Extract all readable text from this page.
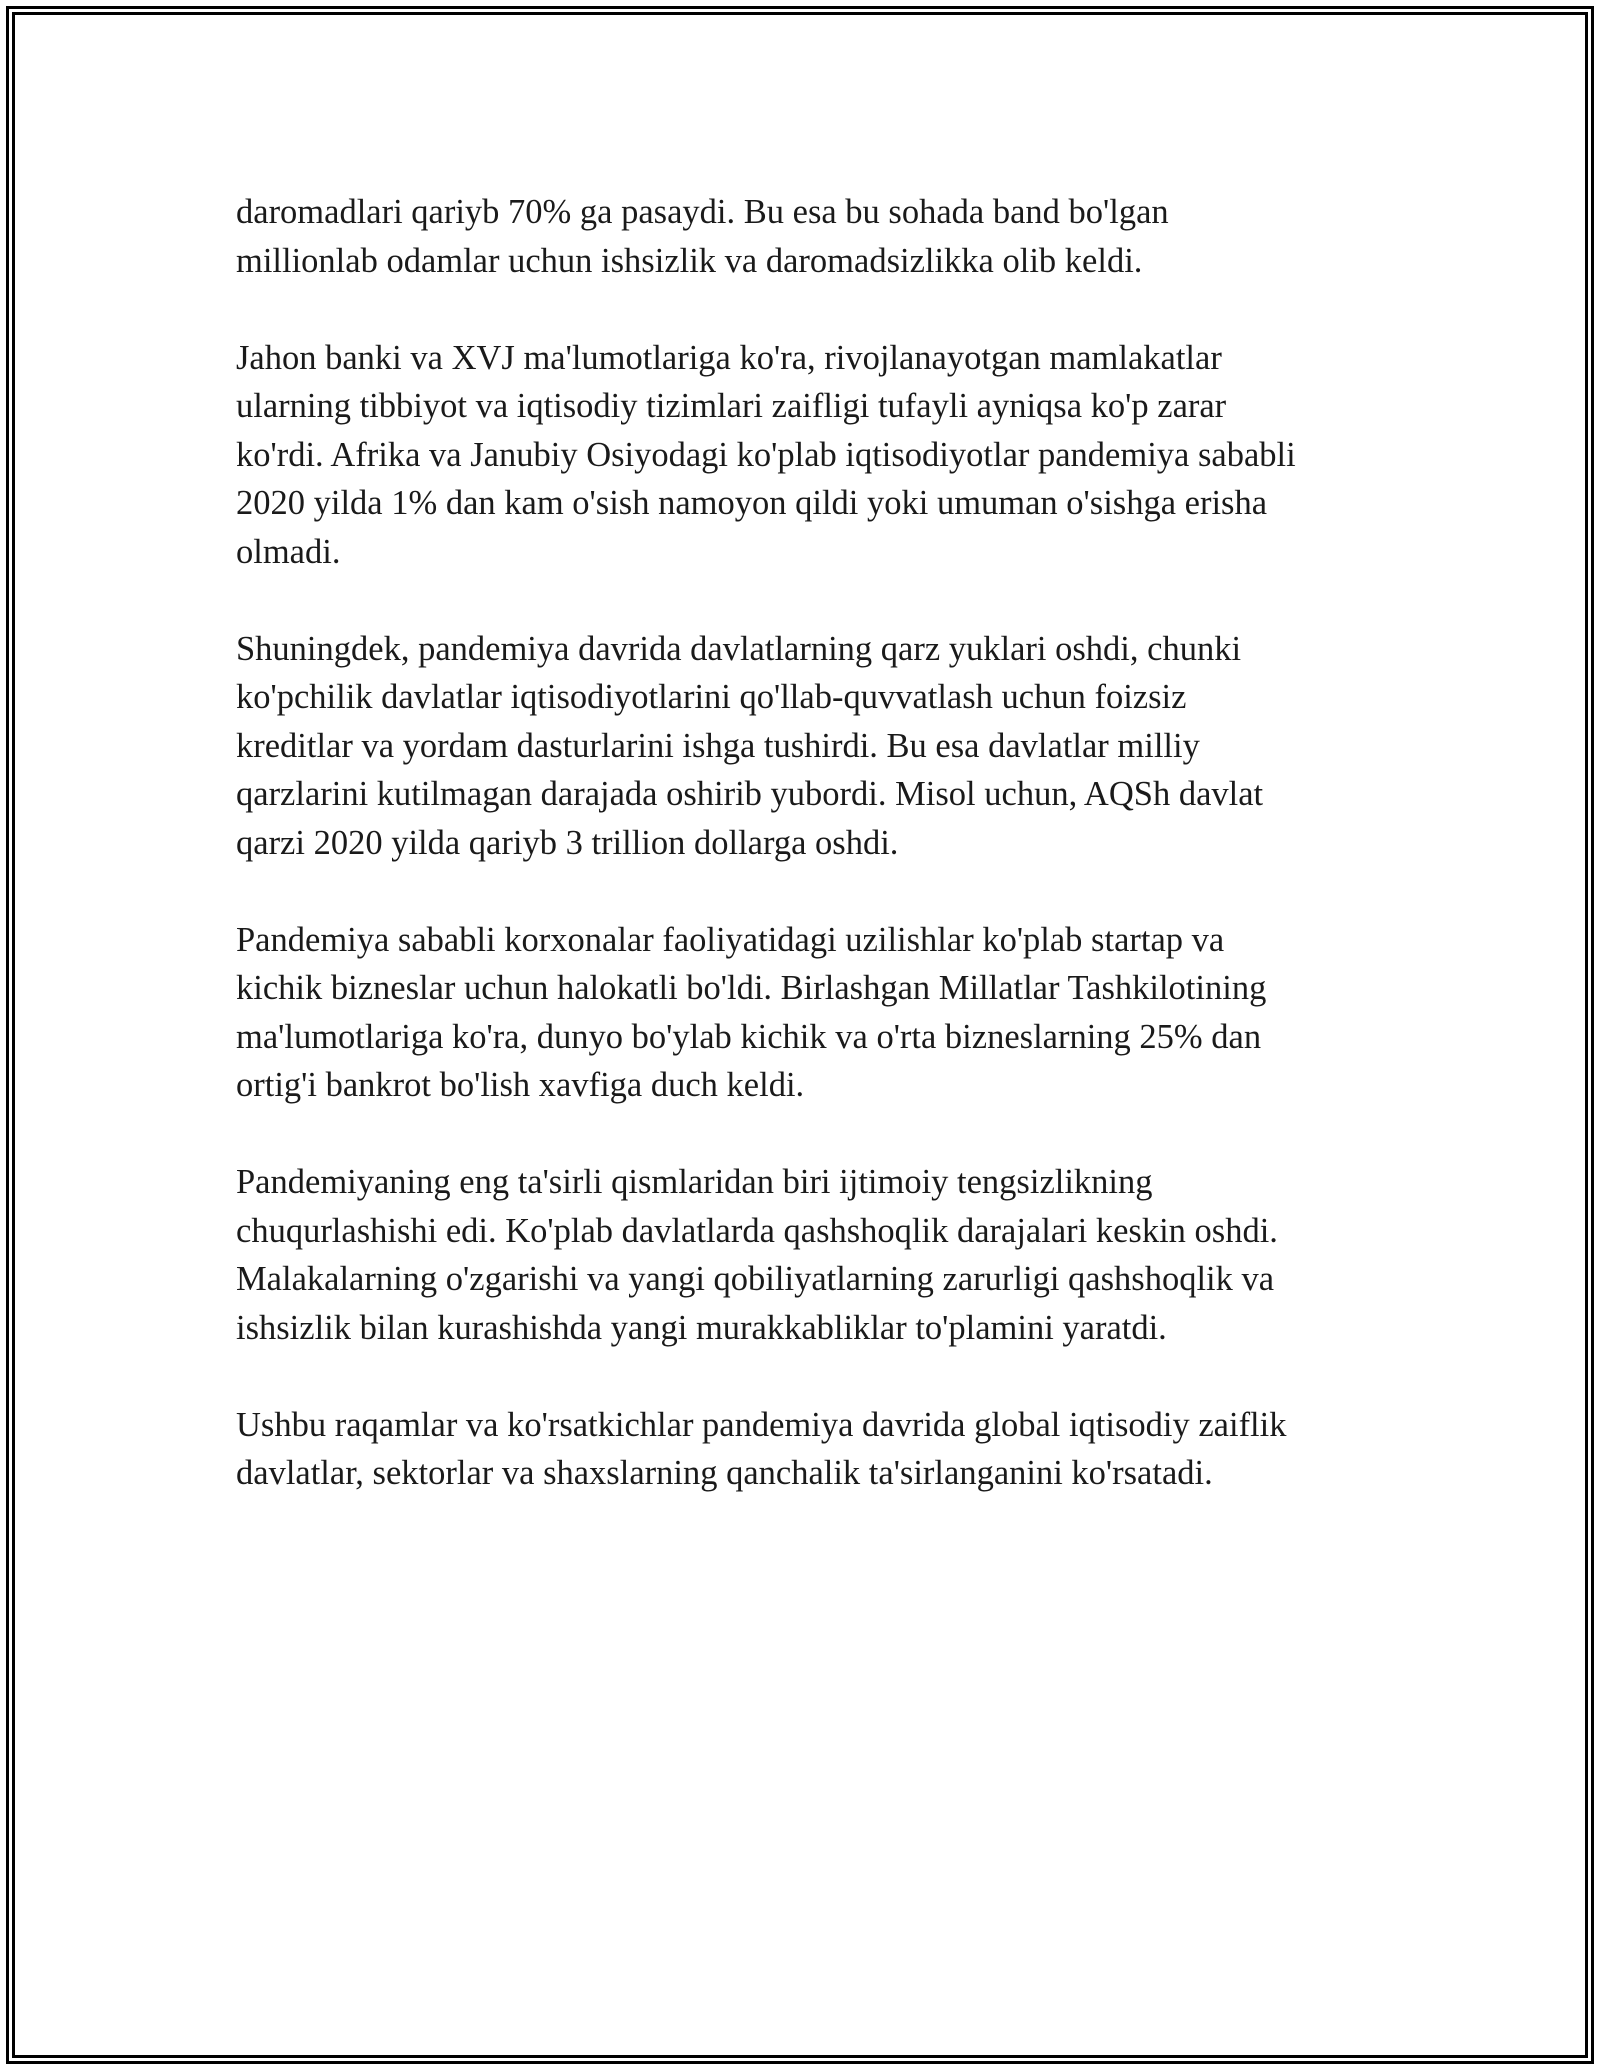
daromadlari qariyb 70% ga pasaydi. Bu esa bu sohada band bo'lgan
millionlab odamlar uchun ishsizlik va daromadsizlikka olib keldi.

Jahon banki va XVJ ma'lumotlariga ko'ra, rivojlanayotgan mamlakatlar
ularning tibbiyot va iqtisodiy tizimlari zaifligi tufayli ayniqsa ko'p zarar
ko'rdi. Afrika va Janubiy Osiyodagi ko'plab iqtisodiyotlar pandemiya sababli
2020 yilda 1% dan kam o'sish namoyon qildi yoki umuman o'sishga erisha
olmadi.

Shuningdek, pandemiya davrida davlatlarning qarz yuklari oshdi, chunki
ko'pchilik davlatlar iqtisodiyotlarini qo'llab-quvvatlash uchun foizsiz
kreditlar va yordam dasturlarini ishga tushirdi. Bu esa davlatlar milliy
qarzlarini kutilmagan darajada oshirib yubordi. Misol uchun, AQSh davlat
qarzi 2020 yilda qariyb 3 trillion dollarga oshdi.

Pandemiya sababli korxonalar faoliyatidagi uzilishlar ko'plab startap va
kichik bizneslar uchun halokatli bo'ldi. Birlashgan Millatlar Tashkilotining
ma'lumotlariga ko'ra, dunyo bo'ylab kichik va o'rta bizneslarning 25% dan
ortig'i bankrot bo'lish xavfiga duch keldi.

Pandemiyaning eng ta'sirli qismlaridan biri ijtimoiy tengsizlikning
chuqurlashishi edi. Ko'plab davlatlarda qashshoqlik darajalari keskin oshdi.
Malakalarning o'zgarishi va yangi qobiliyatlarning zarurligi qashshoqlik va
ishsizlik bilan kurashishda yangi murakkabliklar to'plamini yaratdi.

Ushbu raqamlar va ko'rsatkichlar pandemiya davrida global iqtisodiy zaiflik
davlatlar, sektorlar va shaxslarning qanchalik ta'sirlanganini ko'rsatadi.
